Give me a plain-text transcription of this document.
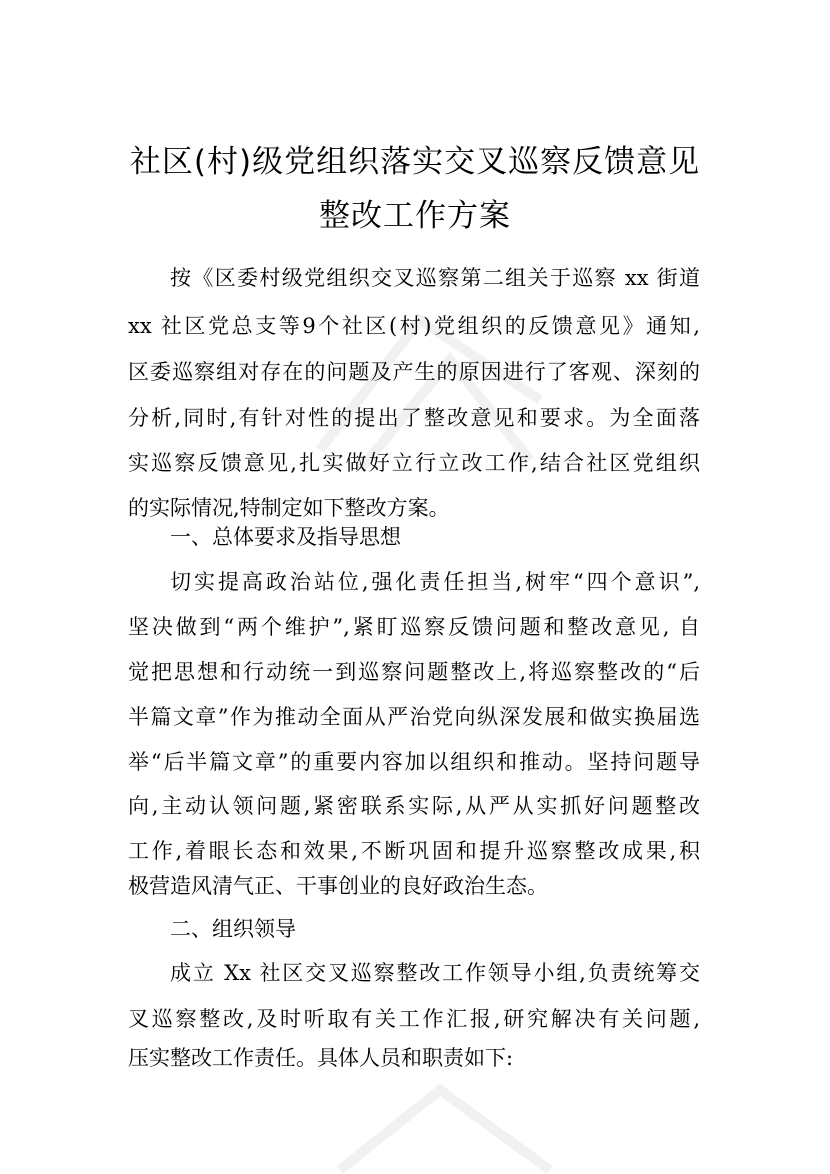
社区(村)级党组织落实交叉巡察反馈意见
整改工作方案
按《区委村级党组织交叉巡察第二组关于巡察 xx 街道
xx 社区党总支等9个社区(村)党组织的反馈意见》通知,
区委巡察组对存在的问题及产生的原因进行了客观、深刻的
分析,同时,有针对性的提出了整改意见和要求。为全面落
实巡察反馈意见,扎实做好立行立改工作,结合社区党组织
的实际情况,特制定如下整改方案。
一、总体要求及指导思想
切实提高政治站位,强化责任担当,树牢“四个意识”,
坚决做到“两个维护”,紧盯巡察反馈问题和整改意见, 自
觉把思想和行动统一到巡察问题整改上,将巡察整改的“后
半篇文章”作为推动全面从严治党向纵深发展和做实换届选
举“后半篇文章”的重要内容加以组织和推动。坚持问题导
向,主动认领问题,紧密联系实际,从严从实抓好问题整改
工作,着眼长态和效果,不断巩固和提升巡察整改成果,积
极营造风清气正、干事创业的良好政治生态。
二、组织领导
成立 Xx 社区交叉巡察整改工作领导小组,负责统筹交
叉巡察整改,及时听取有关工作汇报,研究解决有关问题,
压实整改工作责任。具体人员和职责如下:
